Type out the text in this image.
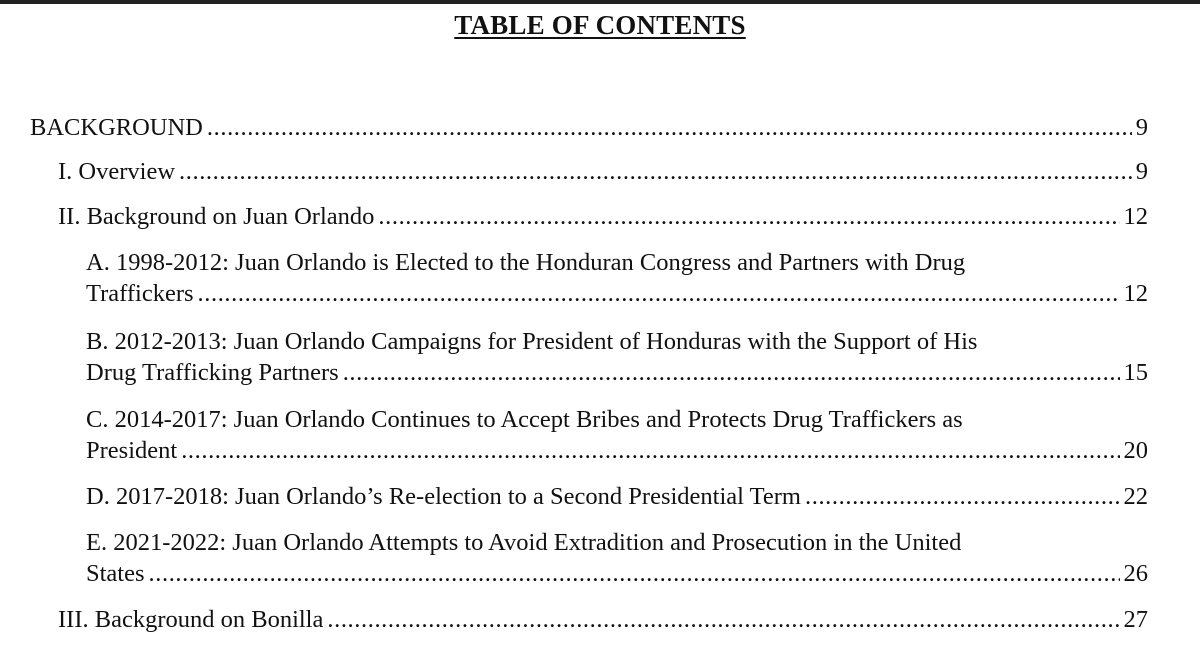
TABLE OF CONTENTS
BACKGROUND .....	9
I. Overview .....	9
II. Background on Juan Orlando .....	12
A. 1998-2012: Juan Orlando is Elected to the Honduran Congress and Partners with Drug
Traffickers .....	12
B. 2012-2013: Juan Orlando Campaigns for President of Honduras with the Support of His
Drug Trafficking Partners .....	15
C. 2014-2017: Juan Orlando Continues to Accept Bribes and Protects Drug Traffickers as
President .....	20
D. 2017-2018: Juan Orlando’s Re-election to a Second Presidential Term .....	22
E. 2021-2022: Juan Orlando Attempts to Avoid Extradition and Prosecution in the United
States .....	26
III. Background on Bonilla .....	27
